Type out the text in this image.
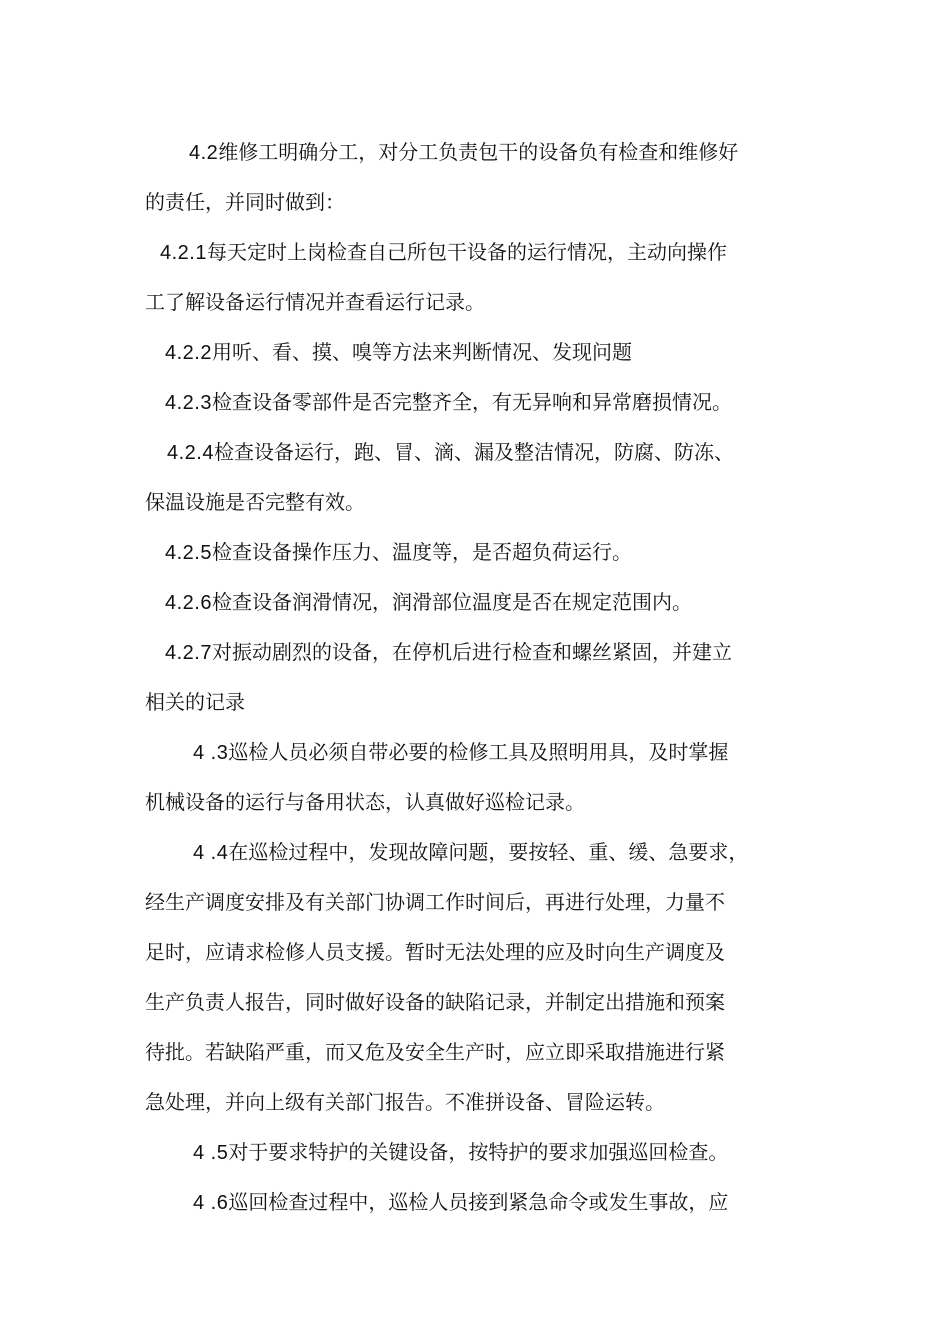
4.2维修工明确分工，对分工负责包干的设备负有检查和维修好
的责任，并同时做到：
4.2.1每天定时上岗检查自己所包干设备的运行情况，主动向操作
工了解设备运行情况并查看运行记录。
4.2.2用听、看、摸、嗅等方法来判断情况、发现问题
4.2.3检查设备零部件是否完整齐全，有无异响和异常磨损情况。
4.2.4检查设备运行，跑、冒、滴、漏及整洁情况，防腐、防冻、
保温设施是否完整有效。
4.2.5检查设备操作压力、温度等，是否超负荷运行。
4.2.6检查设备润滑情况，润滑部位温度是否在规定范围内。
4.2.7对振动剧烈的设备，在停机后进行检查和螺丝紧固，并建立
相关的记录
4 .3巡检人员必须自带必要的检修工具及照明用具，及时掌握
机械设备的运行与备用状态，认真做好巡检记录。
4 .4在巡检过程中，发现故障问题，要按轻、重、缓、急要求，
经生产调度安排及有关部门协调工作时间后，再进行处理，力量不
足时，应请求检修人员支援。暂时无法处理的应及时向生产调度及
生产负责人报告，同时做好设备的缺陷记录，并制定出措施和预案
待批。若缺陷严重，而又危及安全生产时，应立即采取措施进行紧
急处理，并向上级有关部门报告。不准拼设备、冒险运转。
4 .5对于要求特护的关键设备，按特护的要求加强巡回检查。
4 .6巡回检查过程中，巡检人员接到紧急命令或发生事故，应
